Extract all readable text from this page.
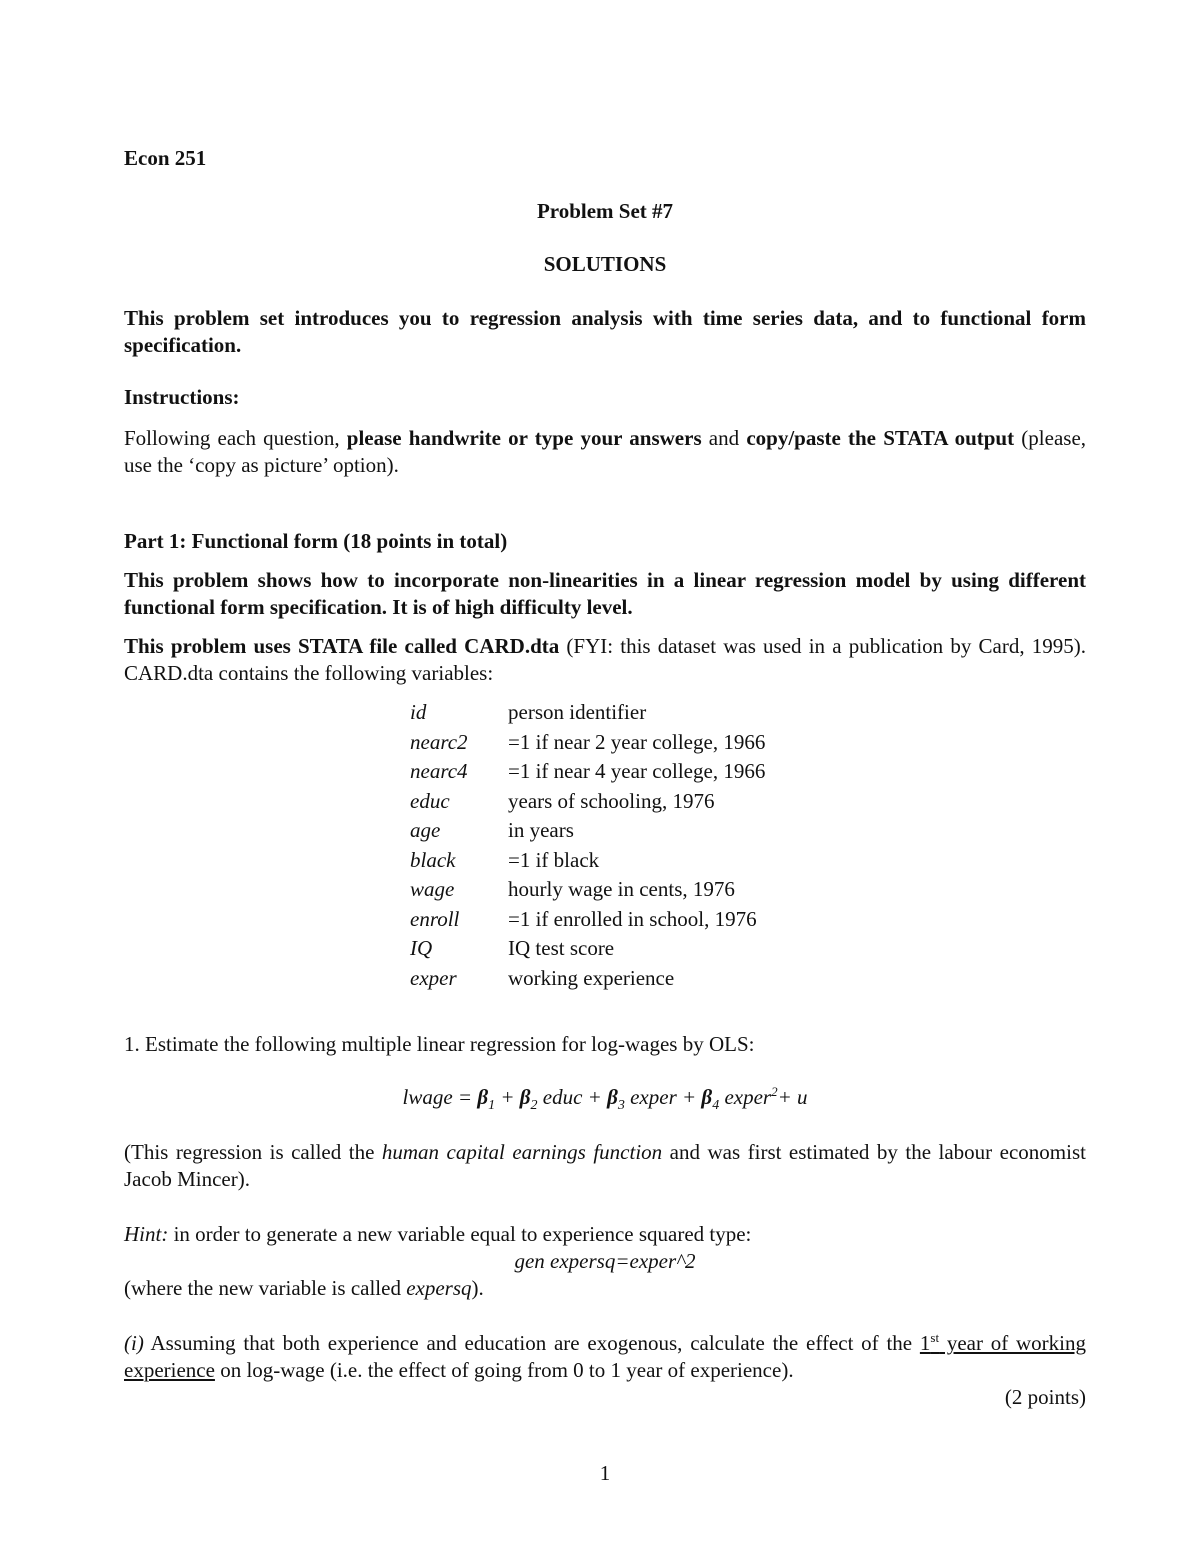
Econ 251
Problem Set #7
SOLUTIONS
This problem set introduces you to regression analysis with time series data, and to functional form specification.
Instructions:
Following each question, please handwrite or type your answers and copy/paste the STATA output (please, use the ‘copy as picture’ option).
Part 1: Functional form (18 points in total)
This problem shows how to incorporate non-linearities in a linear regression model by using different functional form specification. It is of high difficulty level.
This problem uses STATA file called CARD.dta (FYI: this dataset was used in a publication by Card, 1995). CARD.dta contains the following variables:
id	person identifier
nearc2	=1 if near 2 year college, 1966
nearc4	=1 if near 4 year college, 1966
educ	years of schooling, 1976
age	in years
black	=1 if black
wage	hourly wage in cents, 1976
enroll	=1 if enrolled in school, 1976
IQ	IQ test score
exper	working experience
1. Estimate the following multiple linear regression for log-wages by OLS:
lwage = $\beta_1 + \beta_2$ educ + $\beta_3$ exper + $\beta_4$ exper$^2$+ u
(This regression is called the human capital earnings function and was first estimated by the labour economist Jacob Mincer).
Hint: in order to generate a new variable equal to experience squared type:
gen expersq=exper^2
(where the new variable is called expersq).
(i) Assuming that both experience and education are exogenous, calculate the effect of the 1st year of working experience on log-wage (i.e. the effect of going from 0 to 1 year of experience).
(2 points)
1
